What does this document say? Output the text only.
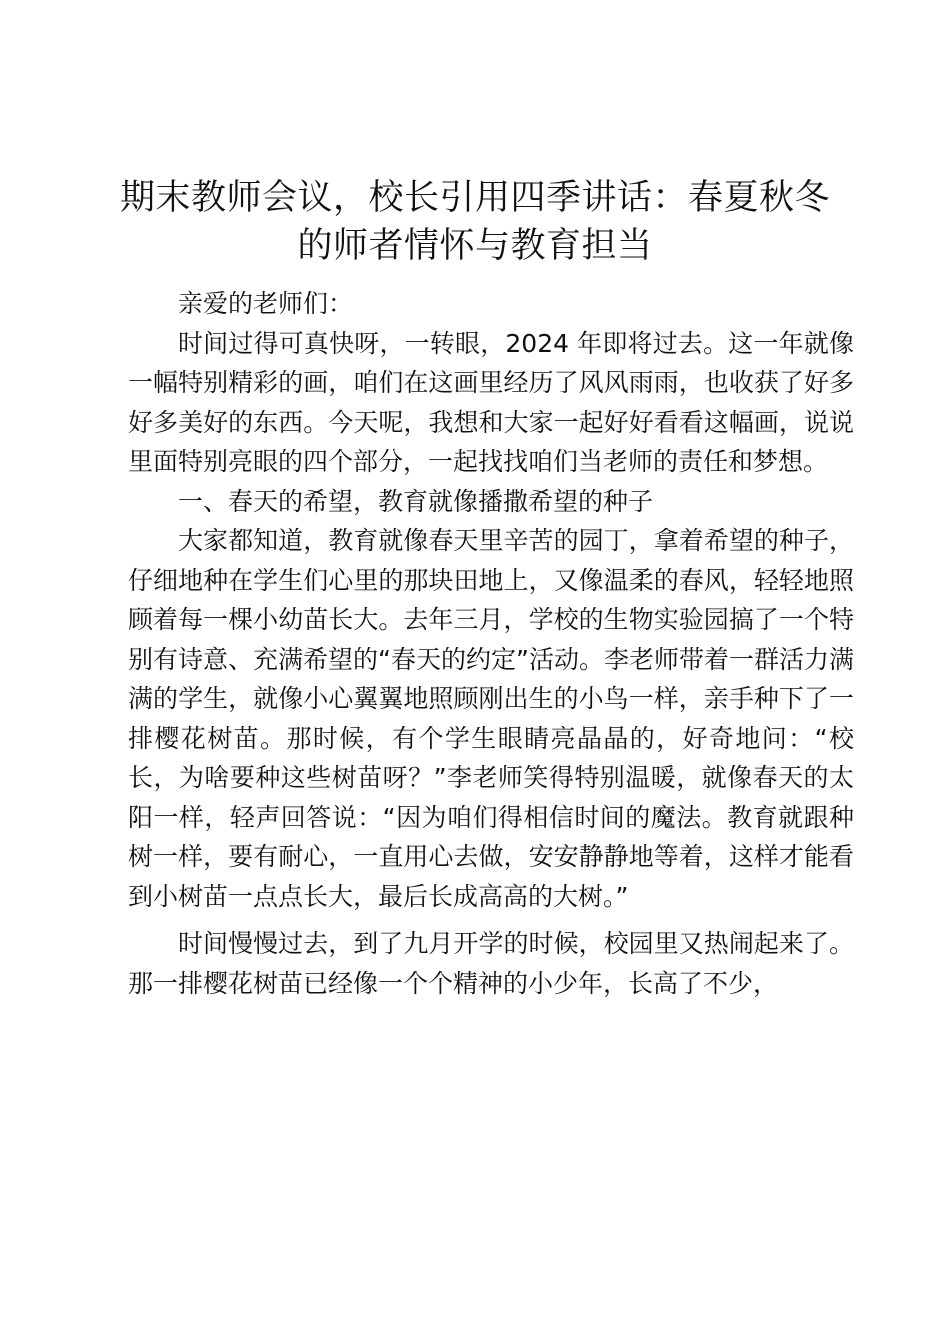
期末教师会议，校长引用四季讲话：春夏秋冬
的师者情怀与教育担当

亲爱的老师们：

时间过得可真快呀，一转眼，2024 年即将过去。这一年就像一幅特别精彩的画，咱们在这画里经历了风风雨雨，也收获了好多好多美好的东西。今天呢，我想和大家一起好好看看这幅画，说说里面特别亮眼的四个部分，一起找找咱们当老师的责任和梦想。

一、春天的希望，教育就像播撒希望的种子

大家都知道，教育就像春天里辛苦的园丁，拿着希望的种子，仔细地种在学生们心里的那块田地上，又像温柔的春风，轻轻地照顾着每一棵小幼苗长大。去年三月，学校的生物实验园搞了一个特别有诗意、充满希望的“春天的约定”活动。李老师带着一群活力满满的学生，就像小心翼翼地照顾刚出生的小鸟一样，亲手种下了一排樱花树苗。那时候，有个学生眼睛亮晶晶的，好奇地问：“校长，为啥要种这些树苗呀？”李老师笑得特别温暖，就像春天的太阳一样，轻声回答说：“因为咱们得相信时间的魔法。教育就跟种树一样，要有耐心，一直用心去做，安安静静地等着，这样才能看到小树苗一点点长大，最后长成高高的大树。”

时间慢慢过去，到了九月开学的时候，校园里又热闹起来了。那一排樱花树苗已经像一个个精神的小少年，长高了不少，
